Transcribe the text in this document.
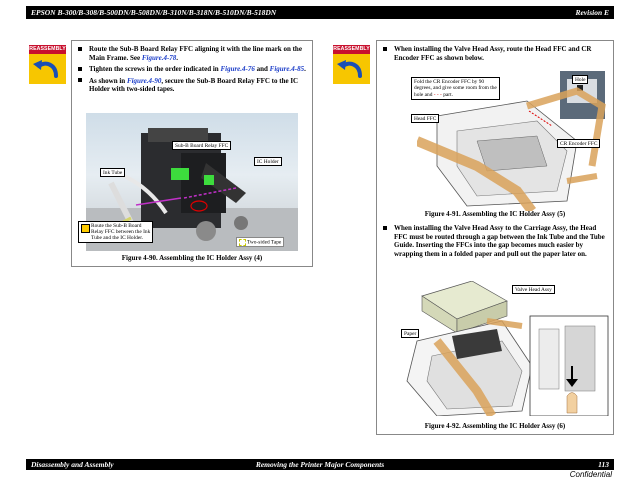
EPSON B-300/B-308/B-500DN/B-508DN/B-310N/B-318N/B-510DN/B-518DN	Revision E
REASSEMBLY	Route the Sub-B Board Relay FFC aligning it with the line mark on the Main Frame. See Figure.4-78.
Tighten the screws in the order indicated in Figure.4-76 and Figure.4-85.
As shown in Figure.4-90, secure the Sub-B Board Relay FFC to the IC Holder with two-sided tapes.
Sub-B Board Relay FFC
IC Holder
Ink Tube
Route the Sub-B Board
Relay FFC between the Ink
Tube and the IC Holder.
Two-sided Tape
Figure 4-90. Assembling the IC Holder Assy (4)
REASSEMBLY	When installing the Valve Head Assy, route the Head FFC and CR Encoder FFC as shown below.
Fold the CR Encoder FFC by 90
degrees, and give some room from the
hole and - - - part.
Hole
Head FFC
CR Encoder FFC
Figure 4-91. Assembling the IC Holder Assy (5)
When installing the Valve Head Assy to the Carriage Assy, the Head FFC must be routed through a gap between the Ink Tube and the Tube Guide. Inserting the FFCs into the gap becomes much easier by wrapping them in a folded paper and pull out the paper later on.
Valve Head Assy
Paper
Figure 4-92. Assembling the IC Holder Assy (6)
Disassembly and Assembly	Removing the Printer Major Components	113
Confidential
